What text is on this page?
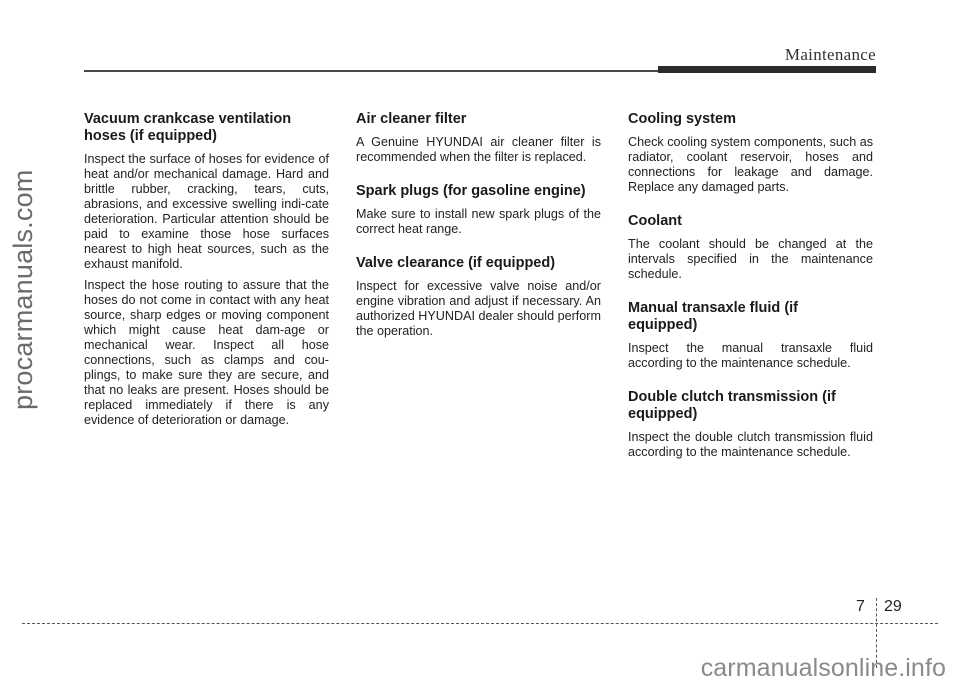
Maintenance
procarmanuals.com
Vacuum crankcase ventilation hoses (if equipped)

Inspect the surface of hoses for evidence of heat and/or mechanical damage. Hard and brittle rubber, cracking, tears, cuts, abrasions, and excessive swelling indi-cate deterioration. Particular attention should be paid to examine those hose surfaces nearest to high heat sources, such as the exhaust manifold.

Inspect the hose routing to assure that the hoses do not come in contact with any heat source, sharp edges or moving component which might cause heat dam-age or mechanical wear. Inspect all hose connections, such as clamps and cou-plings, to make sure they are secure, and that no leaks are present. Hoses should be replaced immediately if there is any evidence of deterioration or damage.

Air cleaner filter

A Genuine HYUNDAI air cleaner filter is recommended when the filter is replaced.

Spark plugs (for gasoline engine)

Make sure to install new spark plugs of the correct heat range.

Valve clearance (if equipped)

Inspect for excessive valve noise and/or engine vibration and adjust if necessary. An authorized HYUNDAI dealer should perform the operation.

Cooling system

Check cooling system components, such as radiator, coolant reservoir, hoses and connections for leakage and damage. Replace any damaged parts.

Coolant

The coolant should be changed at the intervals specified in the maintenance schedule.

Manual transaxle fluid (if equipped)

Inspect the manual transaxle fluid according to the maintenance schedule.

Double clutch transmission (if equipped)

Inspect the double clutch transmission fluid according to the maintenance schedule.

7 29
carmanualsonline.info
